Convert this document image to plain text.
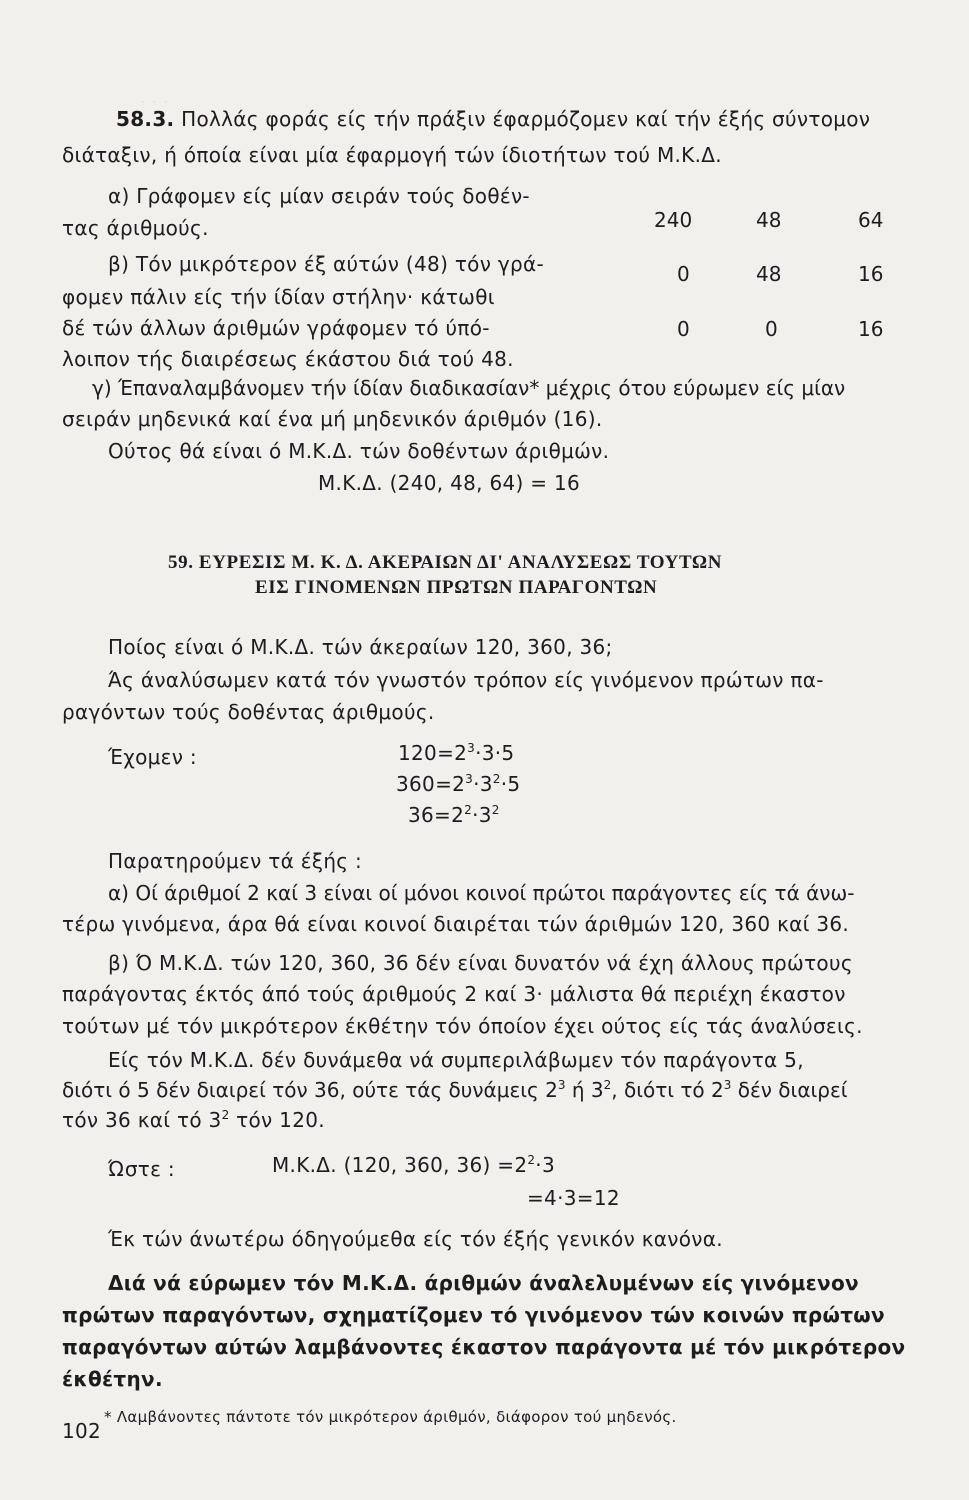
· · ·
58.3. Πολλάς φοράς είς τήν πράξιν έφαρμόζομεν καί τήν έξής σύντομον
διάταξιν, ή όποία είναι μία έφαρμογή τών ίδιοτήτων τού Μ.Κ.Δ.
α) Γράφομεν είς μίαν σειράν τούς δοθέν-
τας άριθμούς.
β) Τόν μικρότερον έξ αύτών (48) τόν γρά-
φομεν πάλιν είς τήν ίδίαν στήλην· κάτωθι
δέ τών άλλων άριθμών γράφομεν τό ύπό-
λοιπον τής διαιρέσεως έκάστου διά τού 48.
240	48	64
0	48	16
0	0	16
γ) Έπαναλαμβάνομεν τήν ίδίαν διαδικασίαν* μέχρις ότου εύρωμεν είς μίαν
σειράν μηδενικά καί ένα μή μηδενικόν άριθμόν (16).
Ούτος θά είναι ό Μ.Κ.Δ. τών δοθέντων άριθμών.
Μ.Κ.Δ. (240, 48, 64) = 16
59. ΕΥΡΕΣΙΣ Μ. Κ. Δ. ΑΚΕΡΑΙΩΝ ΔΙ' ΑΝΑΛΥΣΕΩΣ ΤΟΥΤΩΝ
ΕΙΣ ΓΙΝΟΜΕΝΩΝ ΠΡΩΤΩΝ ΠΑΡΑΓΟΝΤΩΝ
Ποίος είναι ό Μ.Κ.Δ. τών άκεραίων 120, 360, 36;
Άς άναλύσωμεν κατά τόν γνωστόν τρόπον είς γινόμενον πρώτων πα-
ραγόντων τούς δοθέντας άριθμούς.
Έχομεν :	$120=2^3\cdot 3\cdot 5$
$360=2^3\cdot 3^2\cdot 5$
$36=2^2\cdot 3^2$
Παρατηρούμεν τά έξής :
α) Οί άριθμοί 2 καί 3 είναι οί μόνοι κοινοί πρώτοι παράγοντες είς τά άνω-
τέρω γινόμενα, άρα θά είναι κοινοί διαιρέται τών άριθμών 120, 360 καί 36.
β) Ό Μ.Κ.Δ. τών 120, 360, 36 δέν είναι δυνατόν νά έχη άλλους πρώτους
παράγοντας έκτός άπό τούς άριθμούς 2 καί 3· μάλιστα θά περιέχη έκαστον
τούτων μέ τόν μικρότερον έκθέτην τόν όποίον έχει ούτος είς τάς άναλύσεις.
Είς τόν Μ.Κ.Δ. δέν δυνάμεθα νά συμπεριλάβωμεν τόν παράγοντα 5,
διότι ό 5 δέν διαιρεί τόν 36, ούτε τάς δυνάμεις $2^3$ ή $3^2$, διότι τό $2^3$ δέν διαιρεί
τόν 36 καί τό $3^2$ τόν 120.
Ώστε :	Μ.Κ.Δ. (120, 360, $36) =2^2\cdot 3$
=4·3=12
Έκ τών άνωτέρω όδηγούμεθα είς τόν έξής γενικόν κανόνα.
Διά νά εύρωμεν τόν Μ.Κ.Δ. άριθμών άναλελυμένων είς γινόμενον
πρώτων παραγόντων, σχηματίζομεν τό γινόμενον τών κοινών πρώτων
παραγόντων αύτών λαμβάνοντες έκαστον παράγοντα μέ τόν μικρότερον
έκθέτην.
* Λαμβάνοντες πάντοτε τόν μικρότερον άριθμόν, διάφορον τού μηδενός.
102
